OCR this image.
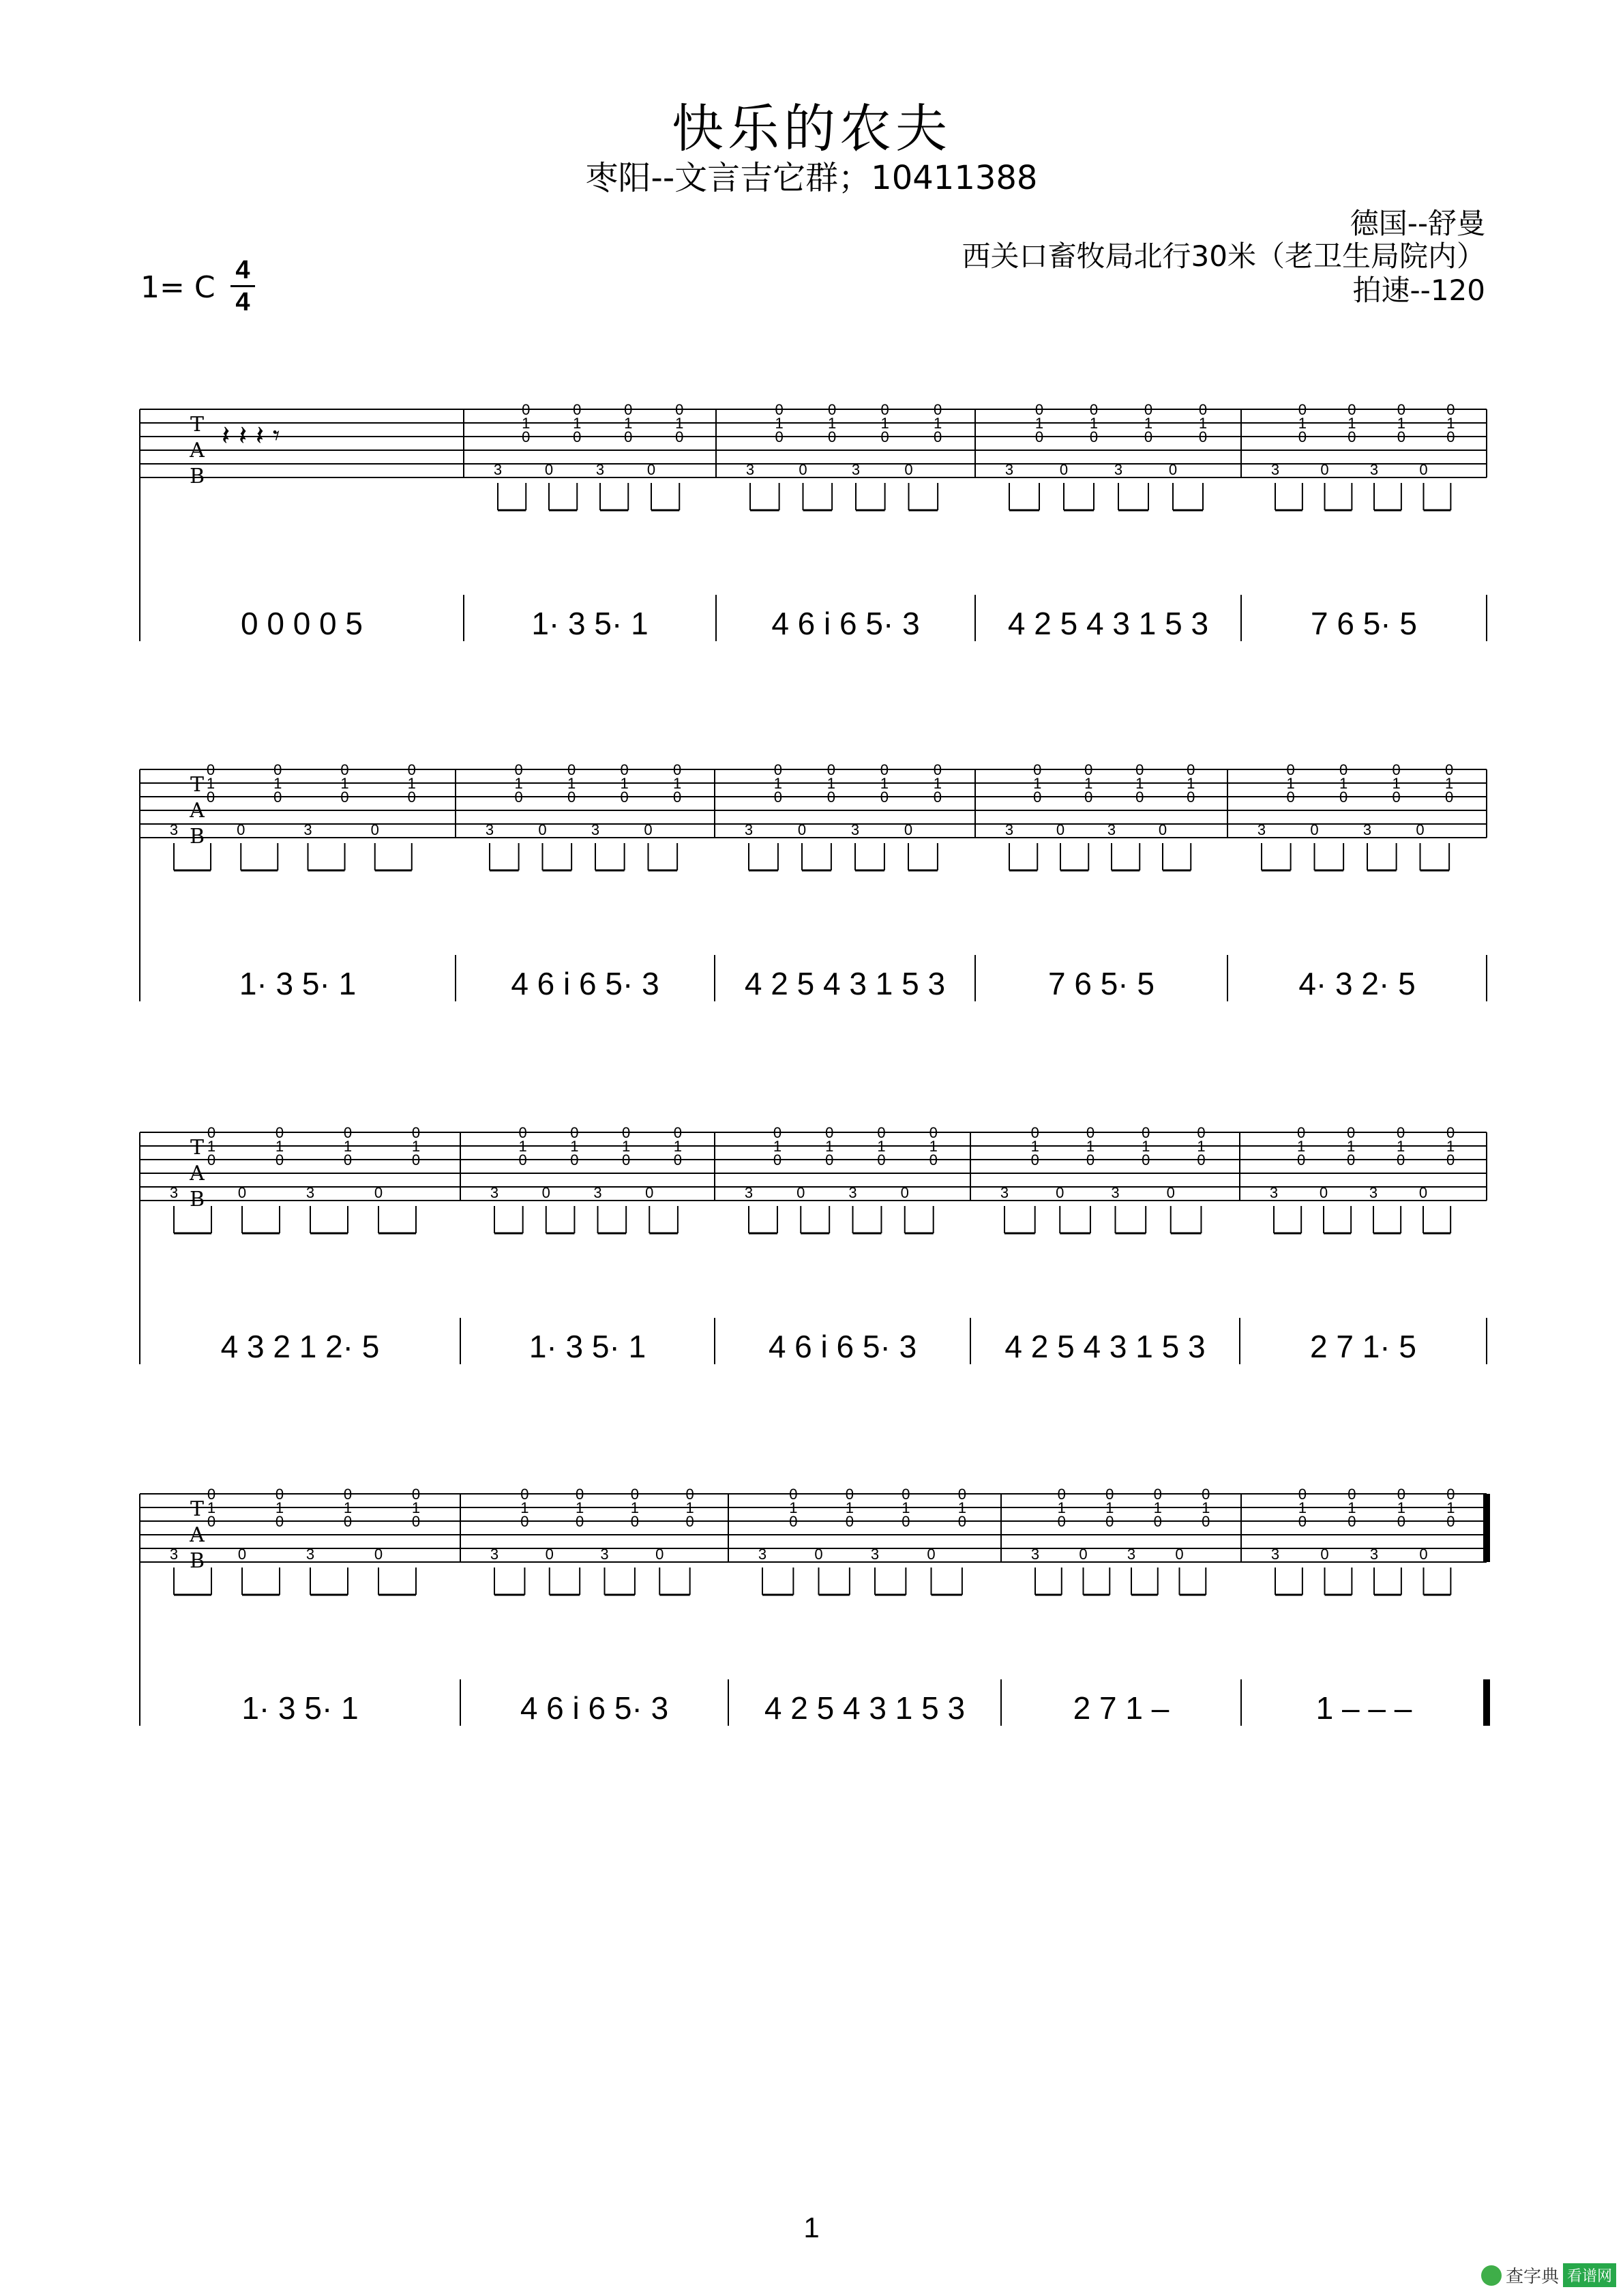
快乐的农夫
枣阳--文言吉它群；10411388
德国--舒曼
西关口畜牧局北行30米（老卫生局院内）
拍速--120
1= C 4
4
T
A
B
𝄽 𝄽 𝄽 𝄾
0 0 0 0 5
3
0
1
0
0
0
1
0
3
0
1
0
0
0
1
0
1· 3 5· 1
3
0
1
0
0
0
1
0
3
0
1
0
0
0
1
0
4 6 i 6 5· 3
3
0
1
0
0
0
1
0
3
0
1
0
0
0
1
0
4 2 5 4 3 1 5 3
3
0
1
0
0
0
1
0
3
0
1
0
0
0
1
0
7 6 5· 5
T
A
B
3
0
1
0
0
0
1
0
3
0
1
0
0
0
1
0
1· 3 5· 1
3
0
1
0
0
0
1
0
3
0
1
0
0
0
1
0
4 6 i 6 5· 3
3
0
1
0
0
0
1
0
3
0
1
0
0
0
1
0
4 2 5 4 3 1 5 3
3
0
1
0
0
0
1
0
3
0
1
0
0
0
1
0
7 6 5· 5
3
0
1
0
0
0
1
0
3
0
1
0
0
0
1
0
4· 3 2· 5
T
A
B
3
0
1
0
0
0
1
0
3
0
1
0
0
0
1
0
4 3 2 1 2· 5
3
0
1
0
0
0
1
0
3
0
1
0
0
0
1
0
1· 3 5· 1
3
0
1
0
0
0
1
0
3
0
1
0
0
0
1
0
4 6 i 6 5· 3
3
0
1
0
0
0
1
0
3
0
1
0
0
0
1
0
4 2 5 4 3 1 5 3
3
0
1
0
0
0
1
0
3
0
1
0
0
0
1
0
2 7 1· 5
T
A
B
3
0
1
0
0
0
1
0
3
0
1
0
0
0
1
0
1· 3 5· 1
3
0
1
0
0
0
1
0
3
0
1
0
0
0
1
0
4 6 i 6 5· 3
3
0
1
0
0
0
1
0
3
0
1
0
0
0
1
0
4 2 5 4 3 1 5 3
3
0
1
0
0
0
1
0
3
0
1
0
0
0
1
0
2 7 1 –
3
0
1
0
0
0
1
0
3
0
1
0
0
0
1
0
1 – – –
1
查字典 看谱网
